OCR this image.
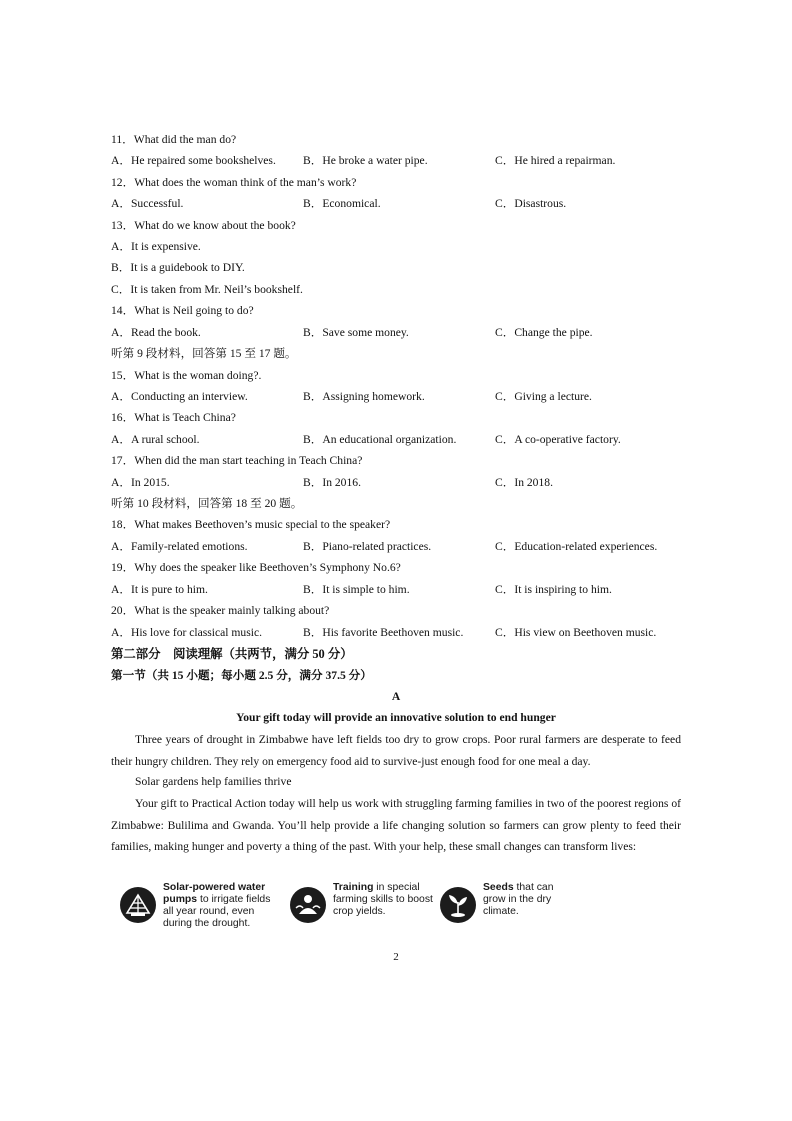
11．What did the man do?
A．He repaired some bookshelves. B．He broke a water pipe.	C．He hired a repairman.
12．What does the woman think of the man’s work?
A．Successful.	B．Economical.	C．Disastrous.
13．What do we know about the book?
A．It is expensive.
B．It is a guidebook to DIY.
C．It is taken from Mr. Neil’s bookshelf.
14．What is Neil going to do?
A．Read the book.	B．Save some money.	C．Change the pipe.
听第 9 段材料，回答第 15 至 17 题。
15．What is the woman doing?.
A．Conducting an interview.	B．Assigning homework.	C．Giving a lecture.
16．What is Teach China?
A．A rural school.	B．An educational organization.	C．A co-operative factory.
17．When did the man start teaching in Teach China?
A．In 2015.	B．In 2016.	C．In 2018.
听第 10 段材料，回答第 18 至 20 题。
18．What makes Beethoven’s music special to the speaker?
A．Family-related emotions.	B．Piano-related practices.	C．Education-related experiences.
19．Why does the speaker like Beethoven’s Symphony No.6?
A．It is pure to him.	B．It is simple to him.	C．It is inspiring to him.
20．What is the speaker mainly talking about?
A．His love for classical music.	B．His favorite Beethoven music.	C．His view on Beethoven music.
第二部分　阅读理解（共两节，满分 50 分）
第一节（共 15 小题；每小题 2.5 分，满分 37.5 分）
A
Your gift today will provide an innovative solution to end hunger
Three years of drought in Zimbabwe have left fields too dry to grow crops. Poor rural farmers are desperate to feed their hungry children. They rely on emergency food aid to survive-just enough food for one meal a day.
Solar gardens help families thrive
Your gift to Practical Action today will help us work with struggling farming families in two of the poorest regions of Zimbabwe: Bulilima and Gwanda. You’ll help provide a life changing solution so farmers can grow plenty to feed their families, making hunger and poverty a thing of the past. With your help, these small changes can transform lives:
Solar-powered water pumps to irrigate fields all year round, even during the drought.
Training in special farming skills to boost crop yields.
Seeds that can grow in the dry climate.
2
